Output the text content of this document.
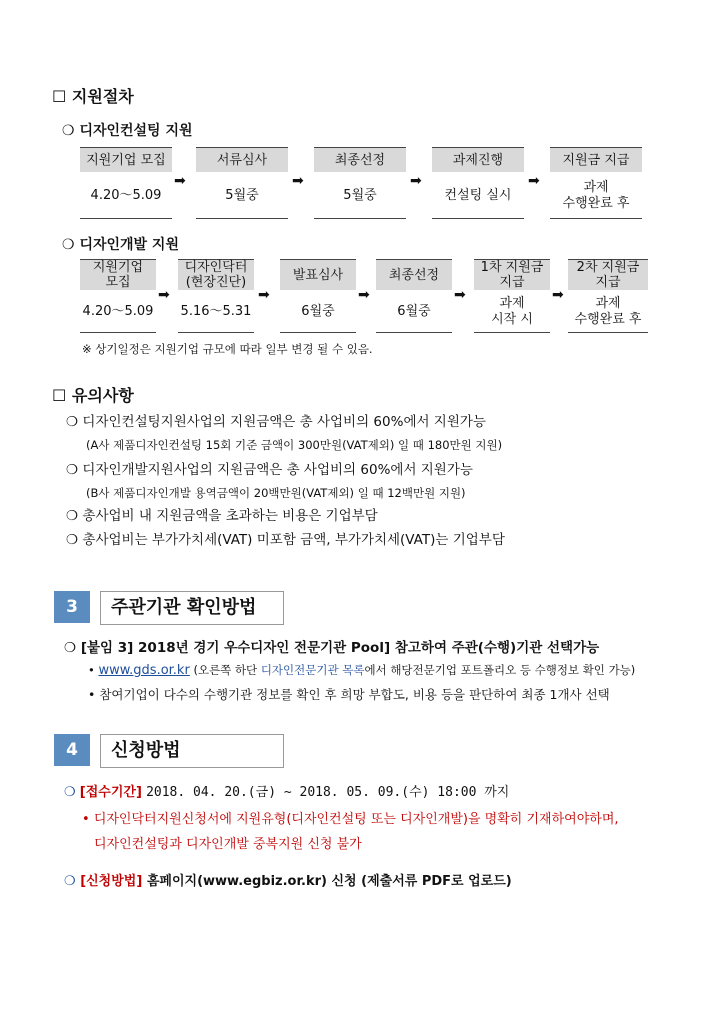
☐ 지원절차
❍ 디자인컨설팅 지원
지원기업 모집
4.20～5.09
➡
서류심사
5월중
➡
최종선정
5월중
➡
과제진행
컨설팅 실시
➡
지원금 지급
과제
수행완료 후
❍ 디자인개발 지원
지원기업
모집
4.20～5.09
➡
디자인닥터
(현장진단)
5.16～5.31
➡
발표심사
6월중
➡
최종선정
6월중
➡
1차 지원금
지급
과제
시작 시
➡
2차 지원금
지급
과제
수행완료 후
※ 상기일정은 지원기업 규모에 따라 일부 변경 될 수 있음.
☐ 유의사항
❍ 디자인컨설팅지원사업의 지원금액은 총 사업비의 60%에서 지원가능
(A사 제품디자인컨설팅 15회 기준 금액이 300만원(VAT제외) 일 때 180만원 지원)
❍ 디자인개발지원사업의 지원금액은 총 사업비의 60%에서 지원가능
(B사 제품디자인개발 용역금액이 20백만원(VAT제외) 일 때 12백만원 지원)
❍ 총사업비 내 지원금액을 초과하는 비용은 기업부담
❍ 총사업비는 부가가치세(VAT) 미포함 금액, 부가가치세(VAT)는 기업부담
3	주관기관 확인방법
❍ [붙임 3] 2018년 경기 우수디자인 전문기관 Pool] 참고하여 주관(수행)기관 선택가능
• www.gds.or.kr (오른쪽 하단 디자인전문기관 목록에서 해당전문기업 포트폴리오 등 수행정보 확인 가능)
• 참여기업이 다수의 수행기관 정보를 확인 후 희망 부합도, 비용 등을 판단하여 최종 1개사 선택
4	신청방법
❍ [접수기간] 2018. 04. 20.(금) ~ 2018. 05. 09.(수) 18:00 까지
• 디자인닥터지원신청서에 지원유형(디자인컨설팅 또는 디자인개발)을 명확히 기재하여야하며,
디자인컨설팅과 디자인개발 중복지원 신청 불가
❍ [신청방법] 홈페이지(www.egbiz.or.kr) 신청 (제출서류 PDF로 업로드)
